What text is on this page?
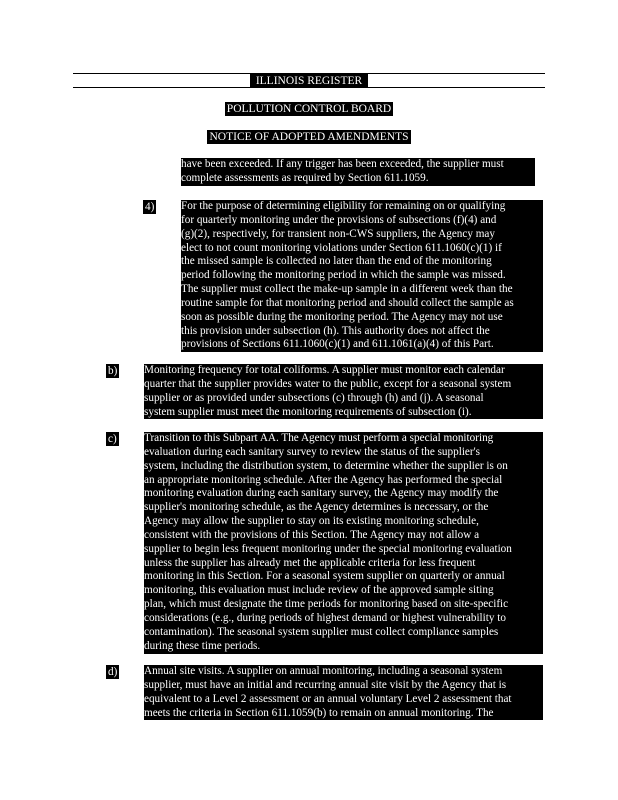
ILLINOIS REGISTER
POLLUTION CONTROL BOARD
NOTICE OF ADOPTED AMENDMENTS
have been exceeded. If any trigger has been exceeded, the supplier must
complete assessments as required by Section 611.1059.
4) For the purpose of determining eligibility for remaining on or qualifying
for quarterly monitoring under the provisions of subsections (f)(4) and
(g)(2), respectively, for transient non-CWS suppliers, the Agency may
elect to not count monitoring violations under Section 611.1060(c)(1) if
the missed sample is collected no later than the end of the monitoring
period following the monitoring period in which the sample was missed.
The supplier must collect the make-up sample in a different week than the
routine sample for that monitoring period and should collect the sample as
soon as possible during the monitoring period. The Agency may not use
this provision under subsection (h). This authority does not affect the
provisions of Sections 611.1060(c)(1) and 611.1061(a)(4) of this Part.
b) Monitoring frequency for total coliforms. A supplier must monitor each calendar
quarter that the supplier provides water to the public, except for a seasonal system
supplier or as provided under subsections (c) through (h) and (j). A seasonal
system supplier must meet the monitoring requirements of subsection (i).
c) Transition to this Subpart AA. The Agency must perform a special monitoring
evaluation during each sanitary survey to review the status of the supplier's
system, including the distribution system, to determine whether the supplier is on
an appropriate monitoring schedule. After the Agency has performed the special
monitoring evaluation during each sanitary survey, the Agency may modify the
supplier's monitoring schedule, as the Agency determines is necessary, or the
Agency may allow the supplier to stay on its existing monitoring schedule,
consistent with the provisions of this Section. The Agency may not allow a
supplier to begin less frequent monitoring under the special monitoring evaluation
unless the supplier has already met the applicable criteria for less frequent
monitoring in this Section. For a seasonal system supplier on quarterly or annual
monitoring, this evaluation must include review of the approved sample siting
plan, which must designate the time periods for monitoring based on site-specific
considerations (e.g., during periods of highest demand or highest vulnerability to
contamination). The seasonal system supplier must collect compliance samples
during these time periods.
d) Annual site visits. A supplier on annual monitoring, including a seasonal system
supplier, must have an initial and recurring annual site visit by the Agency that is
equivalent to a Level 2 assessment or an annual voluntary Level 2 assessment that
meets the criteria in Section 611.1059(b) to remain on annual monitoring. The
